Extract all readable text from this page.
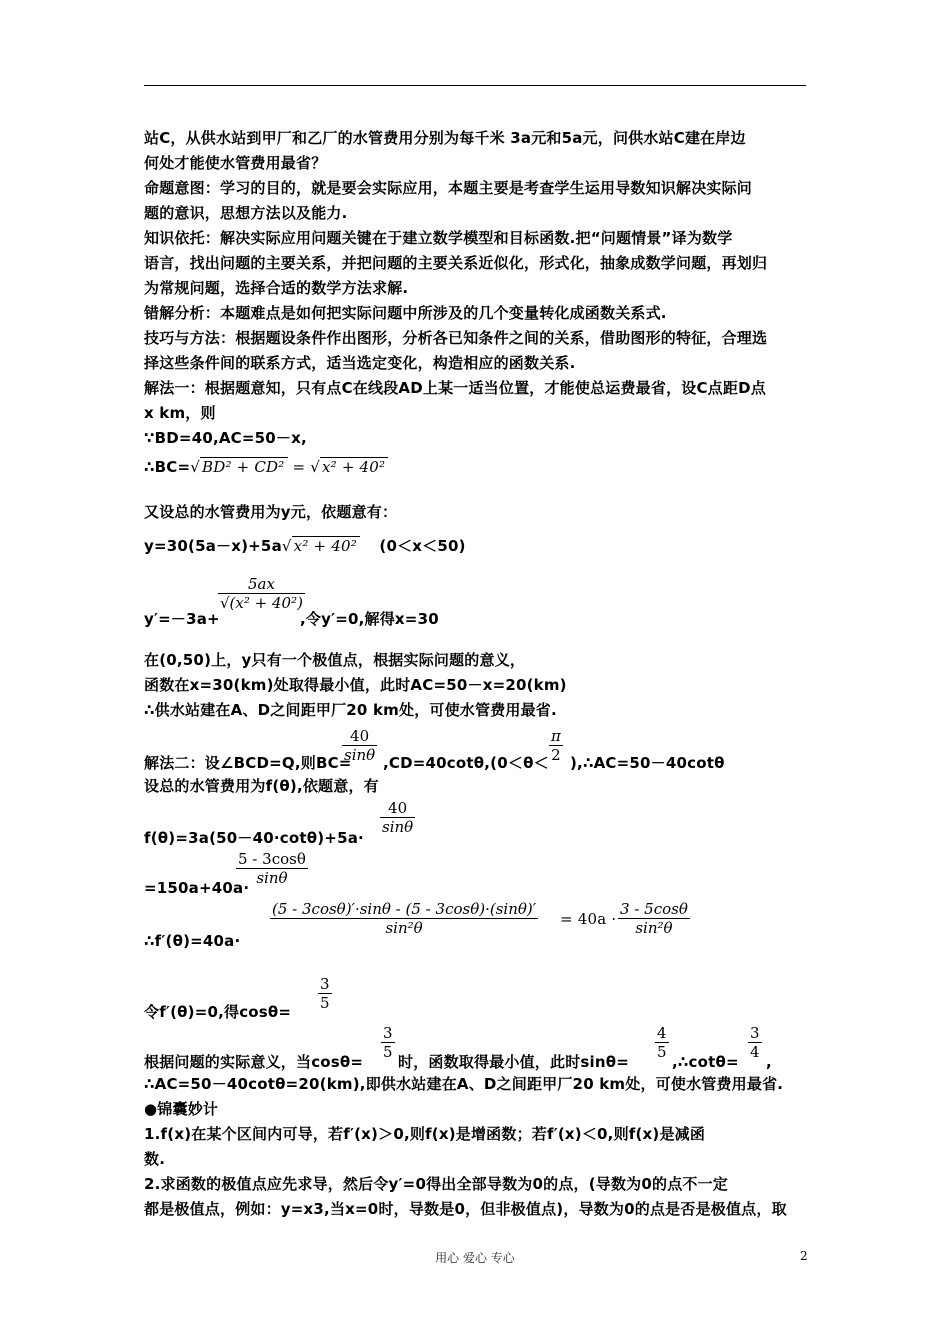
站C，从供水站到甲厂和乙厂的水管费用分别为每千米 3a元和5a元，问供水站C建在岸边
何处才能使水管费用最省？
命题意图：学习的目的，就是要会实际应用，本题主要是考查学生运用导数知识解决实际问
题的意识，思想方法以及能力.
知识依托：解决实际应用问题关键在于建立数学模型和目标函数.把“问题情景”译为数学
语言，找出问题的主要关系，并把问题的主要关系近似化，形式化，抽象成数学问题，再划归
为常规问题，选择合适的数学方法求解.
错解分析：本题难点是如何把实际问题中所涉及的几个变量转化成函数关系式.
技巧与方法：根据题设条件作出图形，分析各已知条件之间的关系，借助图形的特征，合理选
择这些条件间的联系方式，适当选定变化，构造相应的函数关系.
解法一：根据题意知，只有点C在线段AD上某一适当位置，才能使总运费最省，设C点距D点
x km，则
∵BD=40,AC=50－x,
∴BC=√ BD² + CD² = √ x² + 40²
又设总的水管费用为y元，依题意有：
y=30(5a－x)+5a√ x² + 40² (0＜x＜50)
5ax
√(x² + 40²)
y′=－3a+	,令y′=0,解得x=30
在(0,50)上，y只有一个极值点，根据实际问题的意义，
函数在x=30(km)处取得最小值，此时AC=50－x=20(km)
∴供水站建在A、D之间距甲厂20 km处，可使水管费用最省.
40
sinθ
π
2
解法二：设∠BCD=Q,则BC= ,CD=40cotθ,(0＜θ＜ ),∴AC=50－40cotθ
设总的水管费用为f(θ),依题意，有
40
sinθ
f(θ)=3a(50－40·cotθ)+5a·
5 - 3cosθ
sinθ
=150a+40a·
(5 - 3cosθ)′·sinθ - (5 - 3cosθ)·(sinθ)′
sin²θ	= 40a ·
3 - 5cosθ
sin²θ
∴f′(θ)=40a·
3
5
令f′(θ)=0,得cosθ=
3
5
4
5
3
4
根据问题的实际意义，当cosθ= 时，函数取得最小值，此时sinθ=	,∴cotθ= ,
∴AC=50－40cotθ=20(km),即供水站建在A、D之间距甲厂20 km处，可使水管费用最省.
●锦囊妙计
1.f(x)在某个区间内可导，若f′(x)＞0,则f(x)是增函数；若f′(x)＜0,则f(x)是减函
数.
2.求函数的极值点应先求导，然后令y′=0得出全部导数为0的点，(导数为0的点不一定
都是极值点，例如：y=x3,当x=0时，导数是0，但非极值点)，导数为0的点是否是极值点，取
用心 爱心 专心	2
